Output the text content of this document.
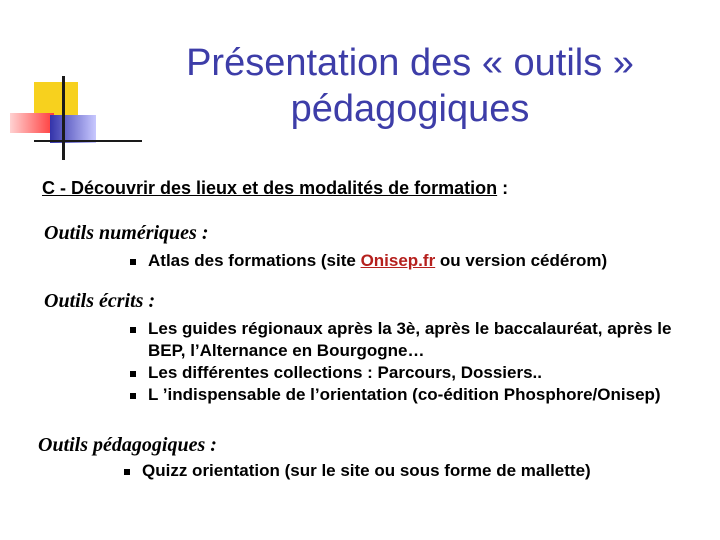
Présentation des « outils »
pédagogiques
C - Découvrir des lieux et des modalités de formation :
Outils numériques :
Atlas des formations (site Onisep.fr ou version cédérom)
Outils écrits :
Les guides régionaux après la 3è, après le baccalauréat, après le BEP, l’Alternance en Bourgogne…
Les différentes collections : Parcours, Dossiers..
L ’indispensable de l’orientation (co-édition Phosphore/Onisep)
Outils pédagogiques :
Quizz orientation (sur le site ou sous forme de mallette)
